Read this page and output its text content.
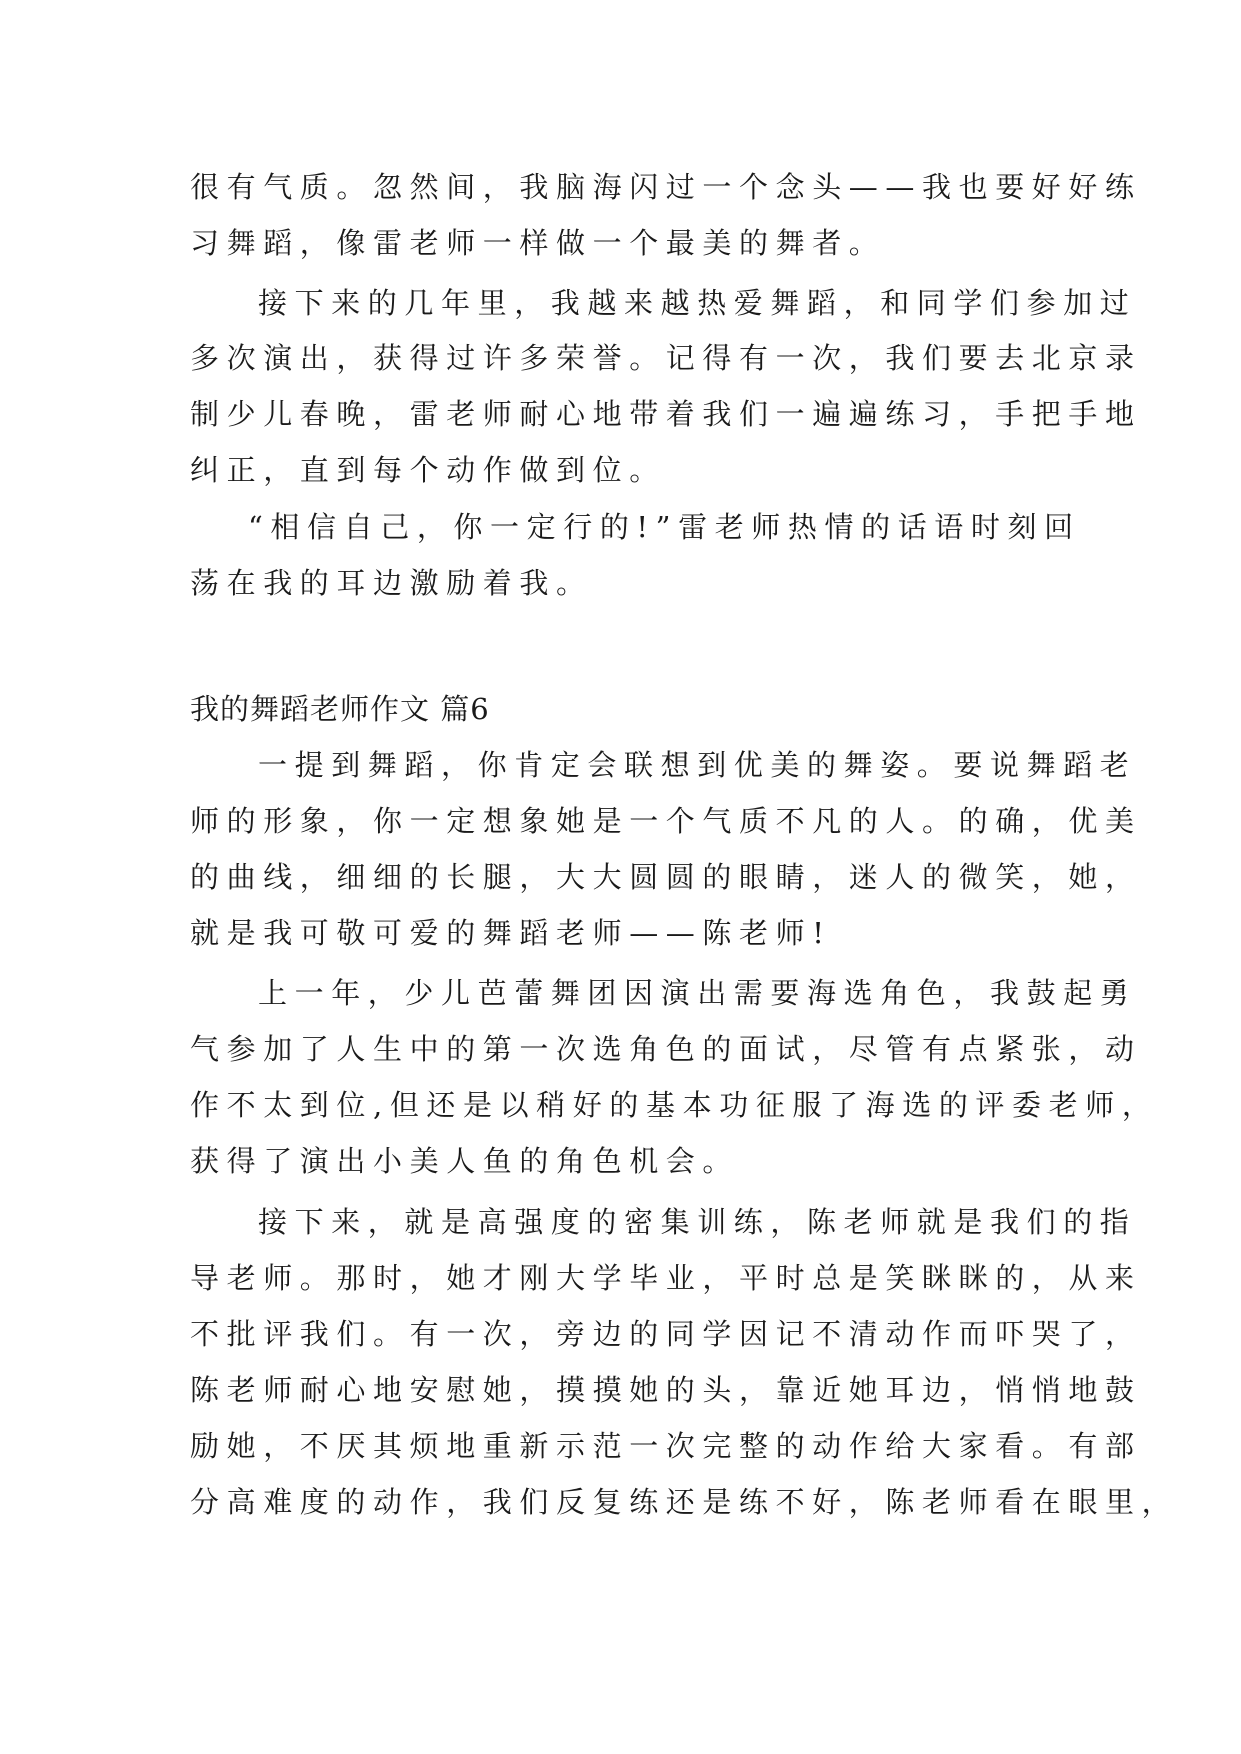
很有气质。忽然间，我脑海闪过一个念头——我也要好好练
习舞蹈，像雷老师一样做一个最美的舞者。
接下来的几年里，我越来越热爱舞蹈，和同学们参加过
多次演出，获得过许多荣誉。记得有一次，我们要去北京录
制少儿春晚，雷老师耐心地带着我们一遍遍练习，手把手地
纠正，直到每个动作做到位。
“相信自己，你一定行的!”雷老师热情的话语时刻回
荡在我的耳边激励着我。
我的舞蹈老师作文 篇6
一提到舞蹈，你肯定会联想到优美的舞姿。要说舞蹈老
师的形象，你一定想象她是一个气质不凡的人。的确，优美
的曲线，细细的长腿，大大圆圆的眼睛，迷人的微笑，她，
就是我可敬可爱的舞蹈老师——陈老师!
上一年，少儿芭蕾舞团因演出需要海选角色，我鼓起勇
气参加了人生中的第一次选角色的面试，尽管有点紧张，动
作不太到位,但还是以稍好的基本功征服了海选的评委老师，
获得了演出小美人鱼的角色机会。
接下来，就是高强度的密集训练，陈老师就是我们的指
导老师。那时，她才刚大学毕业，平时总是笑眯眯的，从来
不批评我们。有一次，旁边的同学因记不清动作而吓哭了，
陈老师耐心地安慰她，摸摸她的头，靠近她耳边，悄悄地鼓
励她，不厌其烦地重新示范一次完整的动作给大家看。有部
分高难度的动作，我们反复练还是练不好，陈老师看在眼里，
